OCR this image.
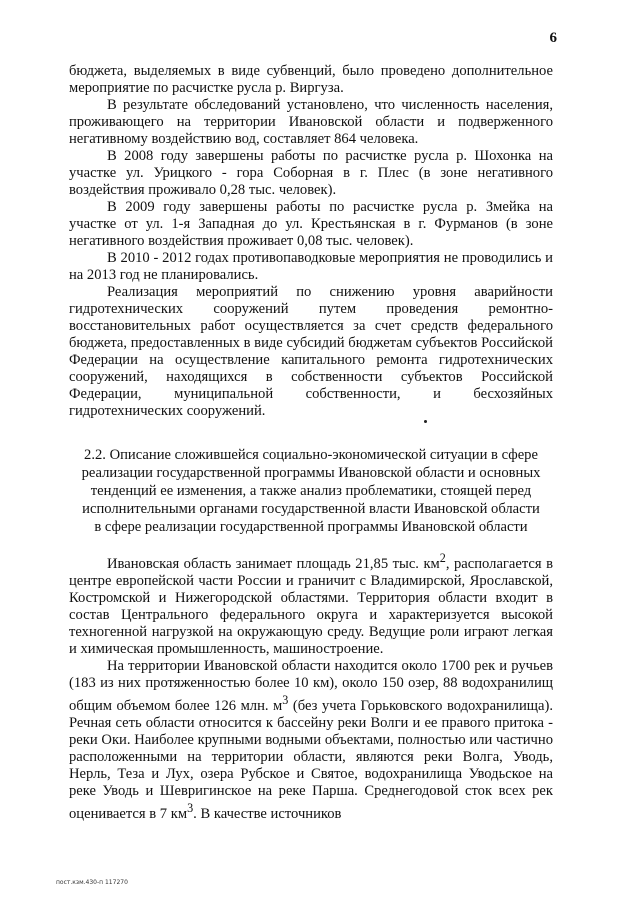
6

бюджета, выделяемых в виде субвенций, было проведено дополнительное мероприятие по расчистке русла р. Виргуза.

В результате обследований установлено, что численность населения, проживающего на территории Ивановской области и подверженного негативному воздействию вод, составляет 864 человека.

В 2008 году завершены работы по расчистке русла р. Шохонка на участке ул. Урицкого - гора Соборная в г. Плес (в зоне негативного воздействия проживало 0,28 тыс. человек).

В 2009 году завершены работы по расчистке русла р. Змейка на участке от ул. 1-я Западная до ул. Крестьянская в г. Фурманов (в зоне негативного воздействия проживает 0,08 тыс. человек).

В 2010 - 2012 годах противопаводковые мероприятия не проводились и на 2013 год не планировались.

Реализация мероприятий по снижению уровня аварийности гидротехнических сооружений путем проведения ремонтно-восстановительных работ осуществляется за счет средств федерального бюджета, предоставленных в виде субсидий бюджетам субъектов Российской Федерации на осуществление капитального ремонта гидротехнических сооружений, находящихся в собственности субъектов Российской Федерации, муниципальной собственности, и бесхозяйных гидротехнических сооружений.

2.2. Описание сложившейся социально-экономической ситуации в сфере
реализации государственной программы Ивановской области и основных
тенденций ее изменения, а также анализ проблематики, стоящей перед
исполнительными органами государственной власти Ивановской области
в сфере реализации государственной программы Ивановской области

Ивановская область занимает площадь 21,85 тыс. $км^2$, располагается в центре европейской части России и граничит с Владимирской, Ярославской, Костромской и Нижегородской областями. Территория области входит в состав Центрального федерального округа и характеризуется высокой техногенной нагрузкой на окружающую среду. Ведущие роли играют легкая и химическая промышленность, машиностроение.

На территории Ивановской области находится около 1700 рек и ручьев (183 из них протяженностью более 10 км), около 150 озер, 88 водохранилищ общим объемом более 126 млн. $м^3$ (без учета Горьковского водохранилища). Речная сеть области относится к бассейну реки Волги и ее правого притока - реки Оки. Наиболее крупными водными объектами, полностью или частично расположенными на территории области, являются реки Волга, Уводь, Нерль, Теза и Лух, озера Рубское и Святое, водохранилища Уводьское на реке Уводь и Шевригинское на реке Парша. Среднегодовой сток всех рек оценивается в 7 $км^3$. В качестве источников

пост.кзм.430-п 117270
